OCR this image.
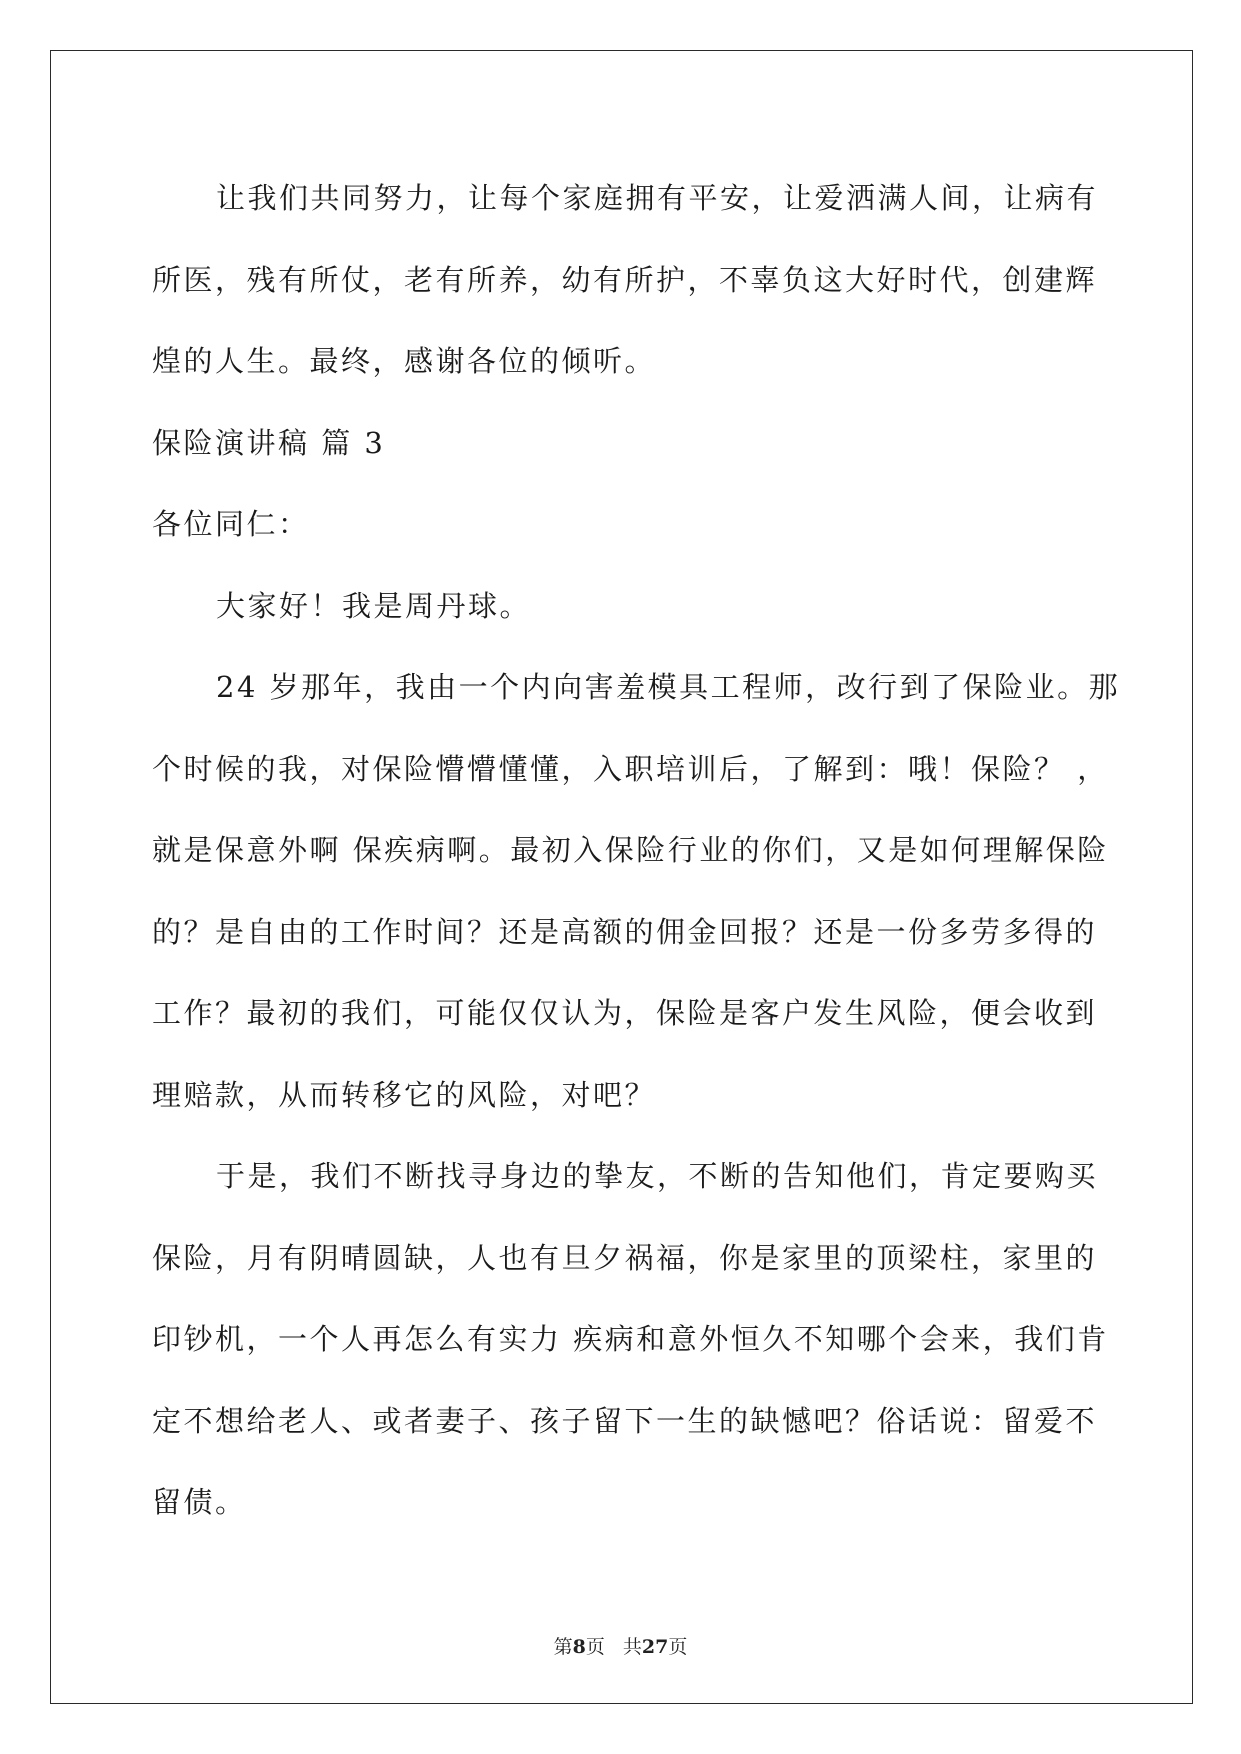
让我们共同努力，让每个家庭拥有平安，让爱洒满人间，让病有
所医，残有所仗，老有所养，幼有所护，不辜负这大好时代，创建辉
煌的人生。最终，感谢各位的倾听。
保险演讲稿 篇 3
各位同仁：
大家好！我是周丹球。
24 岁那年，我由一个内向害羞模具工程师，改行到了保险业。那
个时候的我，对保险懵懵懂懂，入职培训后，了解到：哦！保险？ ，
就是保意外啊 保疾病啊。最初入保险行业的你们，又是如何理解保险
的？是自由的工作时间？还是高额的佣金回报？还是一份多劳多得的
工作？最初的我们，可能仅仅认为，保险是客户发生风险，便会收到
理赔款，从而转移它的风险，对吧？
于是，我们不断找寻身边的挚友，不断的告知他们，肯定要购买
保险，月有阴晴圆缺，人也有旦夕祸福，你是家里的顶梁柱，家里的
印钞机，一个人再怎么有实力 疾病和意外恒久不知哪个会来，我们肯
定不想给老人、或者妻子、孩子留下一生的缺憾吧？俗话说：留爱不
留债。
第8页 共27页
